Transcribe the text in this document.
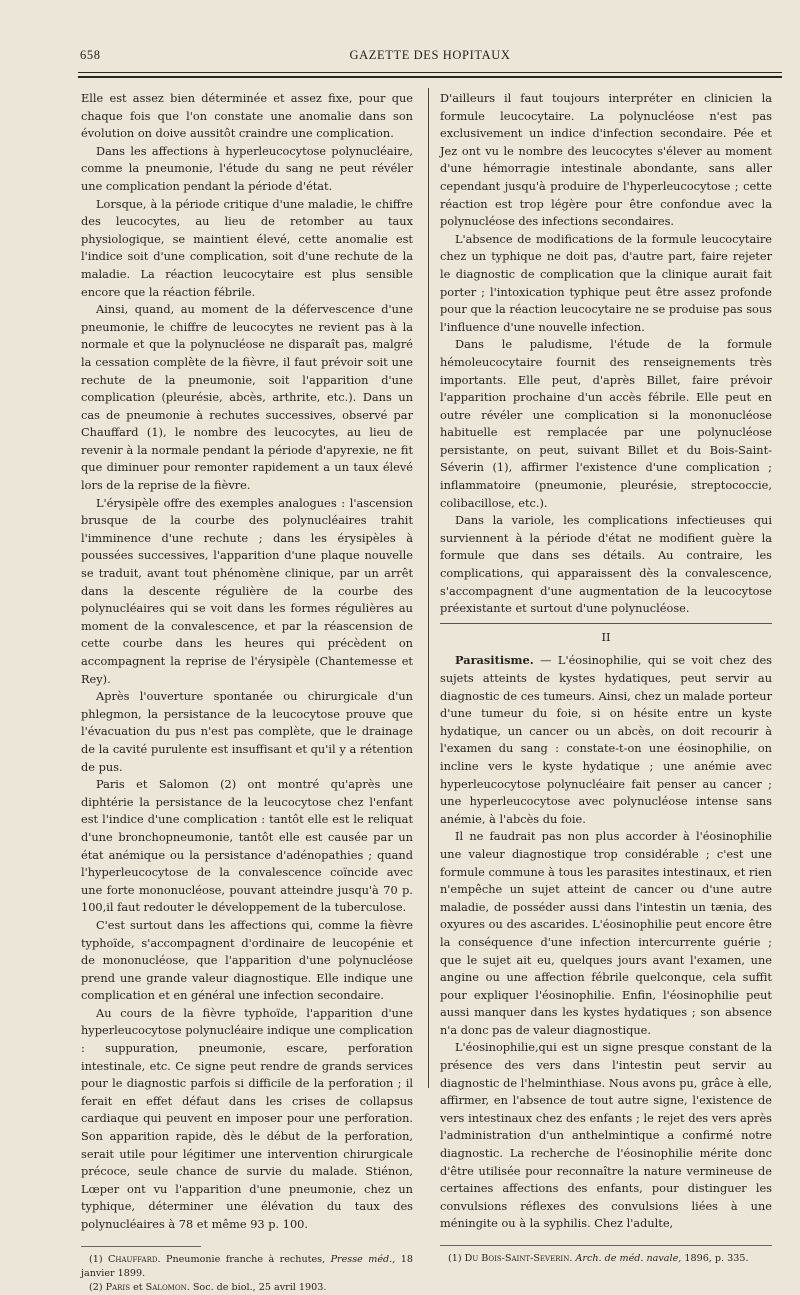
658	GAZETTE DES HOPITAUX

Elle est assez bien déterminée et assez fixe, pour que chaque fois que l'on constate une anomalie dans son évolution on doive aussitôt craindre une complication.

Dans les affections à hyperleucocytose polynucléaire, comme la pneumonie, l'étude du sang ne peut révéler une complication pendant la période d'état.

Lorsque, à la période critique d'une maladie, le chiffre des leucocytes, au lieu de retomber au taux physiologique, se maintient élevé, cette anomalie est l'indice soit d'une complication, soit d'une rechute de la maladie. La réaction leucocytaire est plus sensible encore que la réaction fébrile.

Ainsi, quand, au moment de la défervescence d'une pneumonie, le chiffre de leucocytes ne revient pas à la normale et que la polynucléose ne disparaît pas, malgré la cessation complète de la fièvre, il faut prévoir soit une rechute de la pneumonie, soit l'apparition d'une complication (pleurésie, abcès, arthrite, etc.). Dans un cas de pneumonie à rechutes successives, observé par Chauffard (1), le nombre des leucocytes, au lieu de revenir à la normale pendant la période d'apyrexie, ne fit que diminuer pour remonter rapidement a un taux élevé lors de la reprise de la fièvre.

L'érysipèle offre des exemples analogues : l'ascension brusque de la courbe des polynucléaires trahit l'imminence d'une rechute ; dans les érysipèles à poussées successives, l'apparition d'une plaque nouvelle se traduit, avant tout phénomène clinique, par un arrêt dans la descente régulière de la courbe des polynucléaires qui se voit dans les formes régulières au moment de la convalescence, et par la réascension de cette courbe dans les heures qui précèdent on accompagnent la reprise de l'érysipèle (Chantemesse et Rey).

Après l'ouverture spontanée ou chirurgicale d'un phlegmon, la persistance de la leucocytose prouve que l'évacuation du pus n'est pas complète, que le drainage de la cavité purulente est insuffisant et qu'il y a rétention de pus.

Paris et Salomon (2) ont montré qu'après une diphtérie la persistance de la leucocytose chez l'enfant est l'indice d'une complication : tantôt elle est le reliquat d'une bronchopneumonie, tantôt elle est causée par un état anémique ou la persistance d'adénopathies ; quand l'hyperleucocytose de la convalescence coïncide avec une forte mononucléose, pouvant atteindre jusqu'à 70 p. 100,il faut redouter le développement de la tuberculose.

C'est surtout dans les affections qui, comme la fièvre typhoïde, s'accompagnent d'ordinaire de leucopénie et de mononucléose, que l'apparition d'une polynucléose prend une grande valeur diagnostique. Elle indique une complication et en général une infection secondaire.

Au cours de la fièvre typhoïde, l'apparition d'une hyperleucocytose polynucléaire indique une complication : suppuration, pneumonie, escare, perforation intestinale, etc. Ce signe peut rendre de grands services pour le diagnostic parfois si difficile de la perforation ; il ferait en effet défaut dans les crises de collapsus cardiaque qui peuvent en imposer pour une perforation. Son apparition rapide, dès le début de la perforation, serait utile pour légitimer une intervention chirurgicale précoce, seule chance de survie du malade. Stiénon, Lœper ont vu l'apparition d'une pneumonie, chez un typhique, déterminer une élévation du taux des polynucléaires à 78 et même 93 p. 100.

(1) Chauffard. Pneumonie franche à rechutes, Presse méd., 18 janvier 1899.
(2) Paris et Salomon. Soc. de biol., 25 avril 1903.

D'ailleurs il faut toujours interpréter en clinicien la formule leucocytaire. La polynucléose n'est pas exclusivement un indice d'infection secondaire. Pée et Jez ont vu le nombre des leucocytes s'élever au moment d'une hémorragie intestinale abondante, sans aller cependant jusqu'à produire de l'hyperleucocytose ; cette réaction est trop légère pour être confondue avec la polynucléose des infections secondaires.

L'absence de modifications de la formule leucocytaire chez un typhique ne doit pas, d'autre part, faire rejeter le diagnostic de complication que la clinique aurait fait porter ; l'intoxication typhique peut être assez profonde pour que la réaction leucocytaire ne se produise pas sous l'influence d'une nouvelle infection.

Dans le paludisme, l'étude de la formule hémoleucocytaire fournit des renseignements très importants. Elle peut, d'après Billet, faire prévoir l'apparition prochaine d'un accès fébrile. Elle peut en outre révéler une complication si la mononucléose habituelle est remplacée par une polynucléose persistante, on peut, suivant Billet et du Bois-Saint-Séverin (1), affirmer l'existence d'une complication ; inflammatoire (pneumonie, pleurésie, streptococcie, colibacillose, etc.).

Dans la variole, les complications infectieuses qui surviennent à la période d'état ne modifient guère la formule que dans ses détails. Au contraire, les complications, qui apparaissent dès la convalescence, s'accompagnent d'une augmentation de la leucocytose préexistante et surtout d'une polynucléose.

II

Parasitisme. — L'éosinophilie, qui se voit chez des sujets atteints de kystes hydatiques, peut servir au diagnostic de ces tumeurs. Ainsi, chez un malade porteur d'une tumeur du foie, si on hésite entre un kyste hydatique, un cancer ou un abcès, on doit recourir à l'examen du sang : constate-t-on une éosinophilie, on incline vers le kyste hydatique ; une anémie avec hyperleucocytose polynucléaire fait penser au cancer ; une hyperleucocytose avec polynucléose intense sans anémie, à l'abcès du foie.

Il ne faudrait pas non plus accorder à l'éosinophilie une valeur diagnostique trop considérable ; c'est une formule commune à tous les parasites intestinaux, et rien n'empêche un sujet atteint de cancer ou d'une autre maladie, de posséder aussi dans l'intestin un tænia, des oxyures ou des ascarides. L'éosinophilie peut encore être la conséquence d'une infection intercurrente guérie ; que le sujet ait eu, quelques jours avant l'examen, une angine ou une affection fébrile quelconque, cela suffit pour expliquer l'éosinophilie. Enfin, l'éosinophilie peut aussi manquer dans les kystes hydatiques ; son absence n'a donc pas de valeur diagnostique.

L'éosinophilie,qui est un signe presque constant de la présence des vers dans l'intestin peut servir au diagnostic de l'helminthiase. Nous avons pu, grâce à elle, affirmer, en l'absence de tout autre signe, l'existence de vers intestinaux chez des enfants ; le rejet des vers après l'administration d'un anthelmintique a confirmé notre diagnostic. La recherche de l'éosinophilie mérite donc d'être utilisée pour reconnaître la nature vermineuse de certaines affections des enfants, pour distinguer les convulsions réflexes des convulsions liées à une méningite ou à la syphilis. Chez l'adulte,

(1) Du Bois-Saint-Severin. Arch. de méd. navale, 1896, p. 335.
